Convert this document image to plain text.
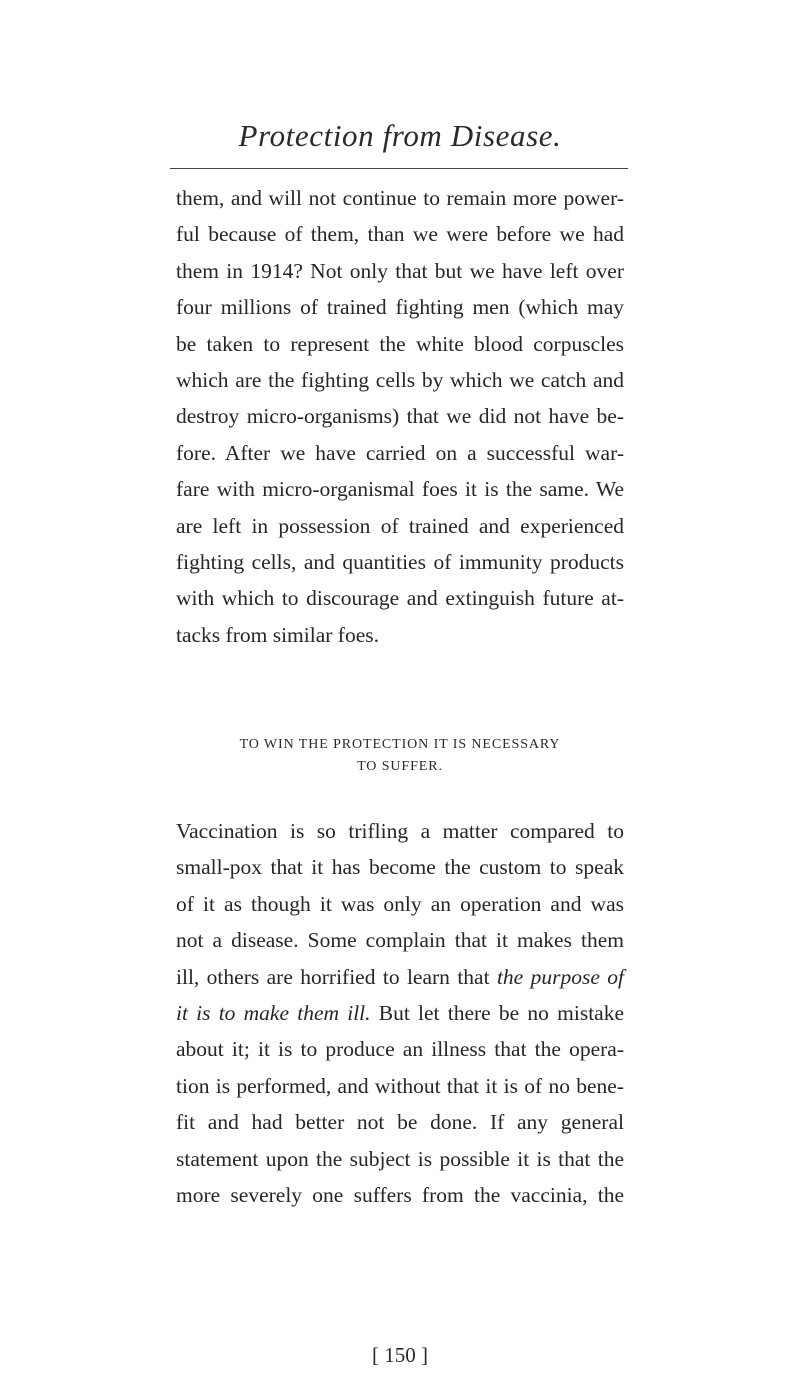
Protection from Disease.
them, and will not continue to remain more power-
ful because of them, than we were before we had
them in 1914? Not only that but we have left over
four millions of trained fighting men (which may
be taken to represent the white blood corpuscles
which are the fighting cells by which we catch and
destroy micro-organisms) that we did not have be-
fore. After we have carried on a successful war-
fare with micro-organismal foes it is the same. We
are left in possession of trained and experienced
fighting cells, and quantities of immunity products
with which to discourage and extinguish future at-
tacks from similar foes.
TO WIN THE PROTECTION IT IS NECESSARY
TO SUFFER.
Vaccination is so trifling a matter compared to
small-pox that it has become the custom to speak
of it as though it was only an operation and was
not a disease. Some complain that it makes them
ill, others are horrified to learn that the purpose of
it is to make them ill. But let there be no mistake
about it; it is to produce an illness that the opera-
tion is performed, and without that it is of no bene-
fit and had better not be done. If any general
statement upon the subject is possible it is that the
more severely one suffers from the vaccinia, the
[ 150 ]
